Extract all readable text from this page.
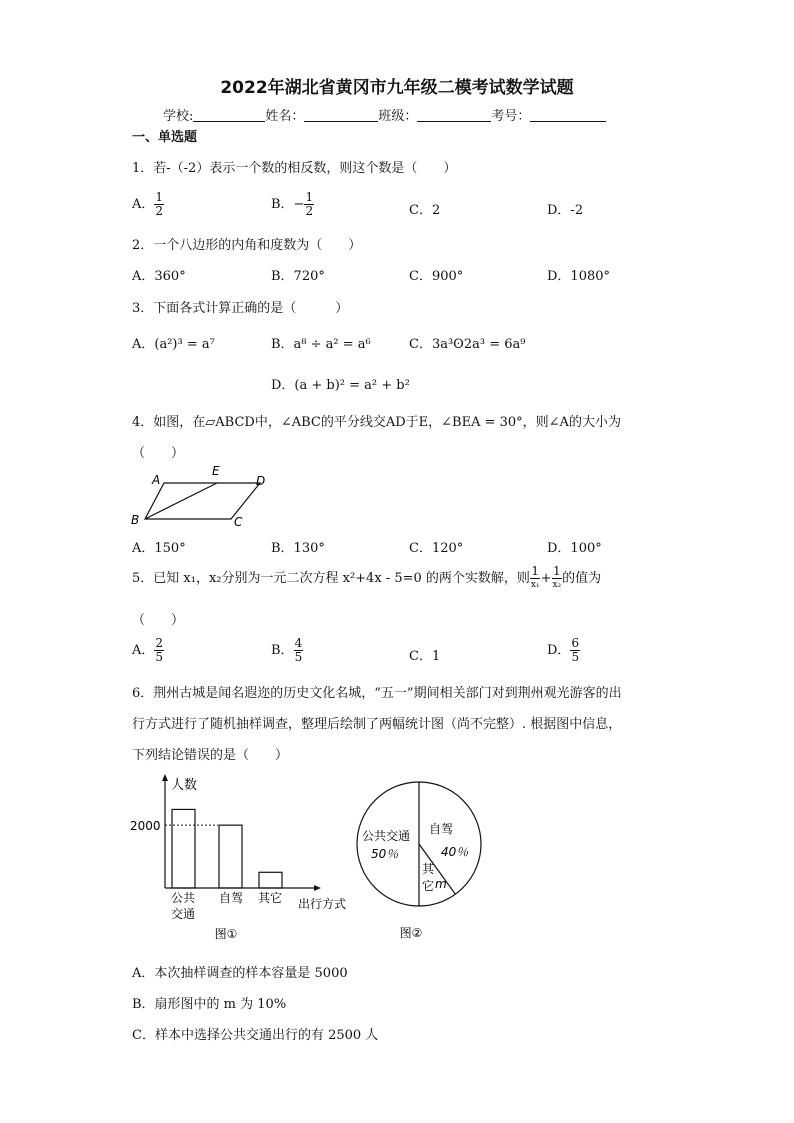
2022年湖北省黄冈市九年级二模考试数学试题
学校:	姓名：	班级：	考号：
一、单选题
1．若-（-2）表示一个数的相反数，则这个数是（　　）
A． $\frac{1}{2}$	B．− $\frac{1}{2}$	C．2	D．-2
2．一个八边形的内角和度数为（　　）
A．360°	B．720°	C．900°	D．1080°
3．下面各式计算正确的是（　　　）
A．(a²)³ = a⁷	B．a⁸ ÷ a² = a⁶	C．3a³ʘ2a³ = 6a⁹
D．(a + b)² = a² + b²
4．如图，在▱ABCD中，∠ABC的平分线交AD于E，∠BEA = 30°，则∠A的大小为
（　　）
A
E
D
B	C
A．150°	B．130°	C．120°	D．100°
5．已知 x₁，x₂分别为一元二次方程 x²+4x - 5=0 的两个实数解，则 $\frac{1}{\text{x₁}} + \frac{1}{\text{x₂}}$ 的值为
（　　）
A． $\frac{2}{5}$	B． $\frac{4}{5}$	C．1	D． $\frac{6}{5}$
6．荆州古城是闻名遐迩的历史文化名城，“五一”期间相关部门对到荆州观光游客的出
行方式进行了随机抽样调查，整理后绘制了两幅统计图（尚不完整）. 根据图中信息，
下列结论错误的是（　　）
人数
出行方式
2000
公共
交通
自驾 其它
图①
公共交通
50％
自驾
40％
其
它 m
图②
A．本次抽样调查的样本容量是 5000
B．扇形图中的 m 为 10%
C．样本中选择公共交通出行的有 2500 人
